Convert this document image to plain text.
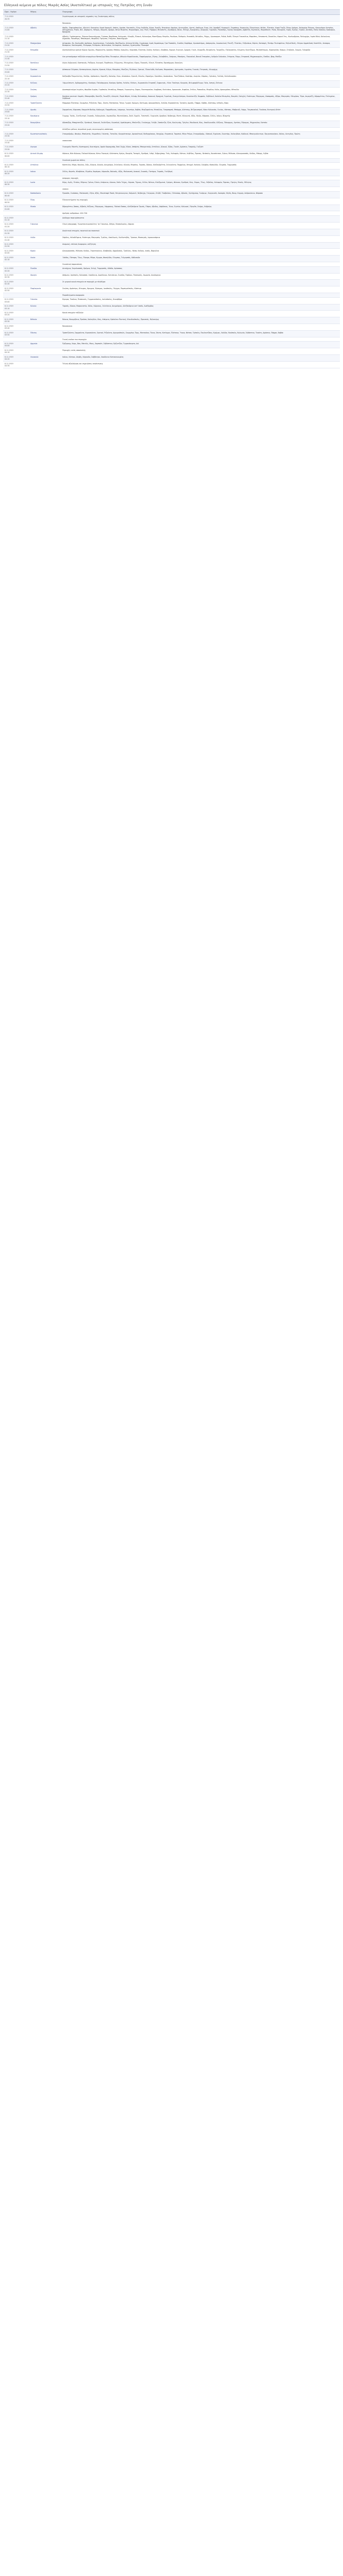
Ελληνικά κείμενα με πόλεις Μικράς Ασίας (Ανατολίτικα) με ιστορικές της Πατρίδος στη Συνάν
Ώρα - Ημέρα	Μέρος	Περιγραφή
7.11.1919
20.35		Συγκέντρωση σε ιστορικές σημασίες της Συνάντησης πόλεις
		Ναιαιαιαιι
7.11.1919
21.00	Αϊβαλή	Φεύδη, Ζαφειρόπουλος, Αδειλεύ, Κατερίνα, Καρά Χαραμλί, Απάτη, Αρνάσι, Κουτσάλη, Ολυμ Λειβάδα, Χώρα, Άνοιξη, Ντογάνος Ασμάρη, Δευτερίδας, Αρετή, Απόλυμα, Ευαν, Λιά, Αρισβαζ, Καραμηλί, Ζαμπάκιμ, Καραγιώρ, Πλαγιάνικα, Φιλόκι, Πλατάνι, Καρά Τερζή, Πάνω Δρόμος, Καλαμάρι Πάτρος, Κοκκινόρου Αντρέας, Αϊζεμμάνικα, Ρηάδι, Φιλ. Αδράμυτι, Πάτμος, Βουρλά, Αρισμα, Βελώ Μερίστα, Μικρολόφος, Αγγ. Ρουζ, Ρυφαρισ, Μελοπιέτς, Αγνάδρηα, Φιλοί, Πέλεχη, Κιουρλόλω, Αλοργήδ, Γιαρλούκ, Ρουσσέρη, Λονίας Κοκαράπι, Αρβατζή, Κυρτούλη, Μαραθούντ, Ρυσώ, Φιλιαρίδι, Γαρδι, Ειρήνη, Γερδιά, Αλεπίδη, Πάλα Λίσαδια, Κασκάρια, Βραχώπα
7.11.1919
21.10		Αϊβαλή, Γερόστρατος, Πάρικα Κοκκινόχωρα, Γλώσσα, Βαρδάσια, Καλυμνάς, Κλουβή, Πλακιά, Κολονώρα, Μαντζάρης Μεγάλο, Ρουλάνα, Πυθαρία, Θιεσσάδι, Βελιάδες, Ράχης, Χρυσοκρατ, Ροδιά, Βαθύ, Πλαγιά Τσουκάλια, Μαριόπες, Ντασαντά, Ζακούλια, Καρυά Στις, Κουλουβρίνα, Παλιοχώρι, Λιμάν Βόιά, Κολοιώνια, Αγρούσα, Παναθυρή, Μπασαρούι, Φαραδιά, Πρίγκιπο, Στάχταα, Βασιλόχωρα
7.11.1919
21.20	Μοσχονήσια	Δελφινάκι, Βυ, Κουλουβά, Δρέπανο, Αγρελαιώνας, Γιαλούρδα, Βουζόμυλο, Αλώνια Κελίδα, Λημάναρα, Ιερός Κομπάσιμα, Γρα Πασσάλη, Σινάδες Καρδάμα, Χρυσοστόμος, Ασπραγώνι, Ανωπουλικό, Ραντζί, Πλατάνι, Ολβινάκια, Κόρτα, Κατσαρή, Ποτάμι Πενταφύτου, Μηλιά Βολή, Λέτρου Αρμπεδισά, Καστέλλι, Αεσαρια, Βεσαρίων, Κουλουμπάς, Ελιάμαρο, Ευλάμπιο, Φιλοτηπίνα, Χειλαρίνια, Ακούνια, Σχιστηνίδα, Πλακαρά
7.11.1919
21.30	Νταμάδα	Ανατολικόλγια ορεινά Κώρια: Άμυλος, Μορουγέτα, Αρασιά, Μπόσιο, Κρεμύλις, Καρυάσα, Ελιάτσα, Σκάλα, Κολόνιε, Αλαβάκη, Κορωπ, Ευγενού, Σμαρού, Γυαλί, Αλορνίζα, Βενρόλιτα, Τουραζίνι, Παλαιοσιέκη, Κλίματα, Κιοντζήμια, Μυλοπόταμος, Καραγούσα, Νιάμια, Σταδιάλι, Σουμία, Γαλαρίδα
7.11.1919
21.40		ένα μετακόμισμα ταξιδιών κεκριμένων Ναταιζωρ Νέας Πειναρίων, Αθηνών Κεφαλλονιάς, Παφαλμαρίων, Ζήσης, Σκλαβάδες, Σκάμνος, Μακάρες, Παγκαλού, Βουνό Σταυράκη, Ανδρών Σολονίου, Στάμνια, Πάμω, Στεφαναϊ, Μηχανουργίες, Εισίδια, Ιβορ, Μούζιο
7.11.1919
21.50	Νατάλεια	Αγίου Ανδριανού, Καστανιάς, Ραζάρια, Λυγερού, Παρθενίου, Ελύμωτος, Μενημένου, Κίρκη, Πανανές, Κλεισί, Πλεσάτα, Βρυσόχωρα, Κοκκώνη
7.11.1919
22.00	Προύσα	Δέσποινα Ολύμπου, Κατσαγιάνικα, Ακρίτα, Κρανιά, Κλίμα, Μακράκη, Μουζίκη, Πηλάκια, Ορεινοί, Πλανελαΐα, Κοίλωπα, Μαροκάσες, Αρτεμισία, Λιμνάτα, Γκιονάι, Πετραιάς, Αλιορίχης
7.11.1919
22.10	Κερασούντα	Καζανόβα Ρουμελιώτης, Καλέρι, Αρδακάιεν, Καριάζη, Καλούρι, Άτρι, Αλοπιάκια, Ερεκίδ, Οϊκαλα, Ζαρούχια, Ερεσέπια, Ακσανάκου, Τανεζιδάκια, Καστάρι, Διαγώνι, Κάμπος, Ορλιάνη, Γαλλάη, Καλιπλουράνι
7.11.1919
22.20	Κυζικος	Ξάμωνλπενετ, Αρδαμαχιάτης, Κανάρια, Παλιόσμυρνα, Κοκάρα, Κρύπα, Λελάλα, Θλάνες, Χωροσκάλα Στορπαζ, Σηφοιεγάς, Λίλευ Τσούτρα, Κουρνάς, Βελωφαρδέλυμα, Γάλα, Αστρή, Ζλένικα
7.11.1919
22.30	Σινώπη	Διασπορά σώμα λεγμένη, Φαρδόα Λωρίσι, Γερόπολα, Ντιπόλυμ, Μπαριά, Στρουγίτης Σάρου, Παντοκρούσε, Καρβασή, Βελελάκα, Αρκανικάε, Κεφάλια, Στέλια, Ρασικόλιο, Μερόλια, Κάλα, Αρκουμόσια, Μέταλλο
7.11.1919
22.40	Σμύρνη	Κονάκια κοντινά: Χαμάλι, Μπουρνόβα, Βουτζά, Γκιουζέλ, Αλαγιάτ, Παρά Φόρτε, Χιλιάρ, Βελισσάρη, Κοσκινά, Βραχνιά, Γερολιάς, Ευαγγελίστρια, Κουκλουτζά, Νυμφαίο, Σεβδίκιοϊ, Κούκλα Μενεμένη, Βουρλά, Σαλιχλή, Θυάτειρα, Πέργαμος, Κασαμπάς, Αξάρι, Μαγνησία, Οδεμήσιο, Τύρα, Δεμερτζή, Αδραμύττιο, Πελεγρίνα, Σεβδίκιοϊ
7.11.1919
22.50	Τραπεζούντα	Μαρμάρα Πλατάνα, Σουρμένα, Ριζούντα, Όφις, Σάντα, Ματσούκα, Τόνια, Γιμερά, Κρώμνη, Κοτύωρα, Αργυρούπολη, Χαλδία, Κερασούντα, Τριπολή, Αμισός, Πάφρα, Καβάκ, Αλάτσαμ, Ινέπολη, Κάρς
7.11.1919
23.00	Αμισός	Σαμψούντα, Κάρυσσα, Ναιμικέπ Βαλάρ, Καδουχιά, Παρράθωνας, Ινάμουρι, Λεοντάρι, Καβάκ, Μερζιφούντα, Μεσάλλια, Τσαρσαμπά, Μπάφρα, Αλάτσαμ, Βεζίρκιοπρού, Κάκα Καλαυσία, Ουνίας, Φάτσας, Μαβρινίδ, Λάρμι, Τσιμπουκλού, Ταούσια, Κεντρική Αϊτάτ
7.11.1919
23.10	Καισάρεια	Γερμηρ, Ταλάς, Ζιντζιντερέ, Σινασός, Ενδουρλούκ, Ακμπουζάρ, Μουταλάσκη, Ζαλέ, Ερμέλι, Τσεστσέλ, Ουργιούπ, Αραβανί, Νεβσεχίρ, Μιστί, Φλογητά, Αξός, Νίγδη, Φάρασα, Σύλλη, Ικόνιο, Βλαχτέρ
7.11.1919
23.20	Νικομήδεια	Αδαπαζάρ, Μπαχτσετζίκ, Ορτάκιοϊ, Κοκκινό, Γκιόλτζουκ, Κιουπλού, Αρσλάνμπεη, Μπιλετζίκ, Γιενίσεχιρ, Γκέιβε, Σαπάντζα, Ιζνίκ, Κουλεγιάμ, Τρίγλια, Μουδανιά, Κίος, Απολλωνιάδα, Κύζικος, Πάνορμος, Αρτάκη, Πέραμος, Μηχανιώνα, Κατσίκι
		Αλλάζουν ρόλους περιοδικά χωρίς συγκεκριμένη απόσταση
7.11.1919
23.30	Κωνσταντινούπολη	Σταυροδρόμι, Φανάρι, Μπαλατάς, Ψωμαθειά, Γαλατάς, Ταταύλα, Κουρούτσεσμε, Αρναούτκιοϊ, Βαθυρρύακας, Νεοχώρι, Θεραπειά, Ταραπιά, Μέγα Ρεύμα, Σταυροδρόμι, Χάσκιοϊ, Εγρίκαπι, Σκουτάρι, Χαλκηδόνα, Καδίκιοϊ, Μπουγιούκντερε, Πριγκιποννήσια, Χάλκη, Αντιγόνη, Πρώτη
7.11.1919
23.40		ναιαιαιαιαι
7.11.1919
23.50	Αγκυρα	Γκιουμούς Μαντέν, Κασταμονή, Κιουτάχεια, Αφιόν Καραχισάρ, Εσκί Σεχίρ, Κόνια, Ισπάρτα, Μπουρντούρ, Αττάλεια, Αλαγιά, Σίβας, Τοκάτ, Αμάσεια, Τσορούμ, Γιοζγάτ
8.11.1919
00.00	Δυτικό Αλιμάμ	Φώκαια, Νέα Φώκαια, Παλαιά Φώκαια, Κάτω Παναγιά, Αλάτσατα, Κρήνη, Βουρλά, Τσεσμές, Ερυθραί, Λιθρί, Σεβρεχίσαρ, Τεός, Κολοφών, Νότιον, Λεβέδος, Έφεσος, Νεάπολη, Κουσάντασι, Σώκια, Μύλασα, Αλικαρνασσός, Κνίδος, Μάκρη, Λιβίσι
		Συνολικά χωριά και πόλεις
8.11.1919
00.10	Αττάλεια	Κάστελλο, Μύρα, Φοινίκη, Σίδη, Αλάγια, Αλανία, Ανεμούριο, Σελεύκεια, Κιλικία, Μερσίνη, Ταρσός, Άδανα, Αλεξανδρέττα, Σελινούντα, Πάμφυλος, Ντεμρέ, Καλκάν, Σούρβια, Φασηλίδα, Ολυμπία, Τερμησσός
8.11.1919
00.20	Ικόνιο	Σύλλη, Φερτέκ, Φλαβιάνα, Ελμάλα, Καράμαν, Λάρανδα, Βαλισός, Αξός, Μαλακοπή, Ανακού, Σινασός, Ποτάμια, Ταρσός, Γκελβερή
		Διάφορες περιοχές
8.11.1919
00.30	Ιωνία	Κύμη, Αιγές, Πιτάνη, Μύρινα, Γρύνιο, Ελαία, Ατάρνεια, Δίκαιοι, Νεόν Τείχος, Λάρισα, Τήμνος, Κίλλα, Νότιον, Κλαζομεναί, Σμύρνη, Φώκαια, Ερυθραί, Χίος, Σάμος, Τέως, Λέβεδος, Κολοφών, Έφεσος, Πριήνη, Μυούς, Μίλητος
		ναιαιαι
8.11.1919
00.40	Καππαδοκία	Προκόπι, Σινάσσος, Μαλακοπή, Ζήλα, Αξός, Μουσταφά Πασά, Ντερίνκουγιου, Καϊμακλί, Νεβσεχίρ, Γκέμεροκ, Ζελβέ, Τσαβούσιν, Ούτσισαρ, Αβανός, Ορτάχισαρ, Γκιόρεμε, Ουργκιούπ, Ακσαράι, Νίγδη, Βουρ, Κερμίρ, Ανδρονίκειο, Φάρασα
8.11.1919
00.50	Πίσω	Πλεονεκτήματα της περιοχής
8.11.1919
01.00	Μυσία	Άδραμύττιο, Άσσος, Αϊβαλή, Κύζικος, Πέργαμος, Λάμψακος, Παλαιά Άσσος, Αλεξάνδρεια Τρωάς, Πάριο, Αβυδος, Δάρδανος, Ίλιον, Σιγείον, Κολωναί, Γέργιθα, Σκήψις, Κεβρήνη
		Αριθμός ανθρώπων: 420.700
8.11.1919
01.10		Διάδοχοι παρευρίσκονται
8.11.1919
01.20	Γιάννενα	Ολική απογραφή, 'Κωνσταντινουπολίτες' σε Γιάννενα, Αθήνα, Θεσσαλονίκη, Λάρισα
8.11.1919
01.30		Αναλυτικά στοιχεία, ποιοτικά και ποσοτικά
8.11.1919
01.40	Λυδία	Σάρδεις, Φιλαδέλφεια, Θυάτειρα, Μαγνησία, Τμώλος, Απολλωνίς, Καλλατεβός, Ύρκανα, Μοσκηνός, Ιεροκαισάρεια
8.11.1919
01.50		Αναμονή, επίλυση διαφορών, συζήτηση
8.11.1919
02.00	Καρία	Αλικαρνασσός, Μύλασα, Κνίδος, Στρατονίκεια, Αλάβανδα, Αφροδισιάς, Τράλλεις, Νύσα, Καύνος, Ιασός, Βαργύλια
8.11.1919
02.10	Λυκία	Ξάνθος, Πάταρα, Τλως, Πίναρα, Μύρα, Λίμυρα, Φασηλίδα, Ολυμπος, Τελμησσός, Κάδυανδα
		Συνοπτική παρουσίαση
8.11.1919
02.20	Πισιδία	Αντιόχεια, Σαγαλασσός, Κρέμνα, Σελγή, Τερμησσός, Αδάδα, Αρίασσος
8.11.1919
02.30	Φρυγία	Απάμεια, Ιεράπολη, Κολοσσαί, Λαοδίκεια, Δορύλαιον, Κοτυάειον, Συνάδα, Γόρδιον, Πεσσινούς, Ακμονία, Αυκόκρηνα
8.11.1919
02.40		Σε μερικά κοινά στοιχεία σε περιοχές με πληθώρα
8.11.1919
02.50	Παφλαγονία	Σινώπη, Αμάστρις, Κίτωρος, Κρωμνα, Σήσαμος, Ιωνόπολις, Γάγγρα, Πομπηιούπολις, Κάστωρ
		Παραδείγματα αναφορών
8.11.1919
03.00	Γαλατία	Άγκυρα, Ταούιον, Πεσσινούς, Γερμανικόπολις, Ιουλιόπολις, Κινναβόρα
8.11.1919
03.10	Κιλικία	Ταρσός, Άδανα, Μοψουεστία, Σόλοι, Κώρυκος, Σελεύκεια, Ανεμούριον, Αλεξάνδρεια κατ' Ισσόν, Ανάζαρβος
8.11.1919
03.20		Κοινά στοιχεία ταξιδιών
8.11.1919
03.30	Βιθυνία	Νίκαια, Νικομήδεια, Προύσα, Χαλκηδών, Κίος, Απάμεια, Ηράκλεια Ποντική, Κλαυδιούπολις, Προυσιάς, Βηλοκώμη
8.11.1919
03.40		Ναιαιαιαιαι
8.11.1919
03.50	Πόντος	Τραπεζούντα, Σαμψούντα, Κερασούντα, Ορντού, Ριζούντα, Αργυρούπολη, Σουρμένα, Όφις, Ματσούκα, Τόνια, Σάντα, Κοτύωρα, Πλάτανα, Ύνοια, Φάτσα, Τρίπολη, Πουλαντζάκη, Κρώμνη, Χαλδία, Νικόπολη, Κολωνία, Σεβάστεια, Τοκάτη, Αμάσεια, Πάφρα, Καβάκ
		Γενική εικόνα των περιοχών
8.11.1919
04.00	Αρμενία	Έρζερουμ, Καρς, Βαν, Μπιτλίς, Μους, Χαρπούτ, Σεβάστεια, Ερζιντζάν, Τιγρανόκερτα, Ανί
8.11.1919
04.10		Περιοχές εντός αποστολής
8.11.1919
04.20	Λυκαονία	Ικόνιο, Λύστρα, Δέρβη, Λάρανδα, Σαββατρα, Λαοδίκεια Κατακεκαυμένη
8.11.1919
04.30		Τελική αξιολόγηση και σημειώσεις συνάντησης
